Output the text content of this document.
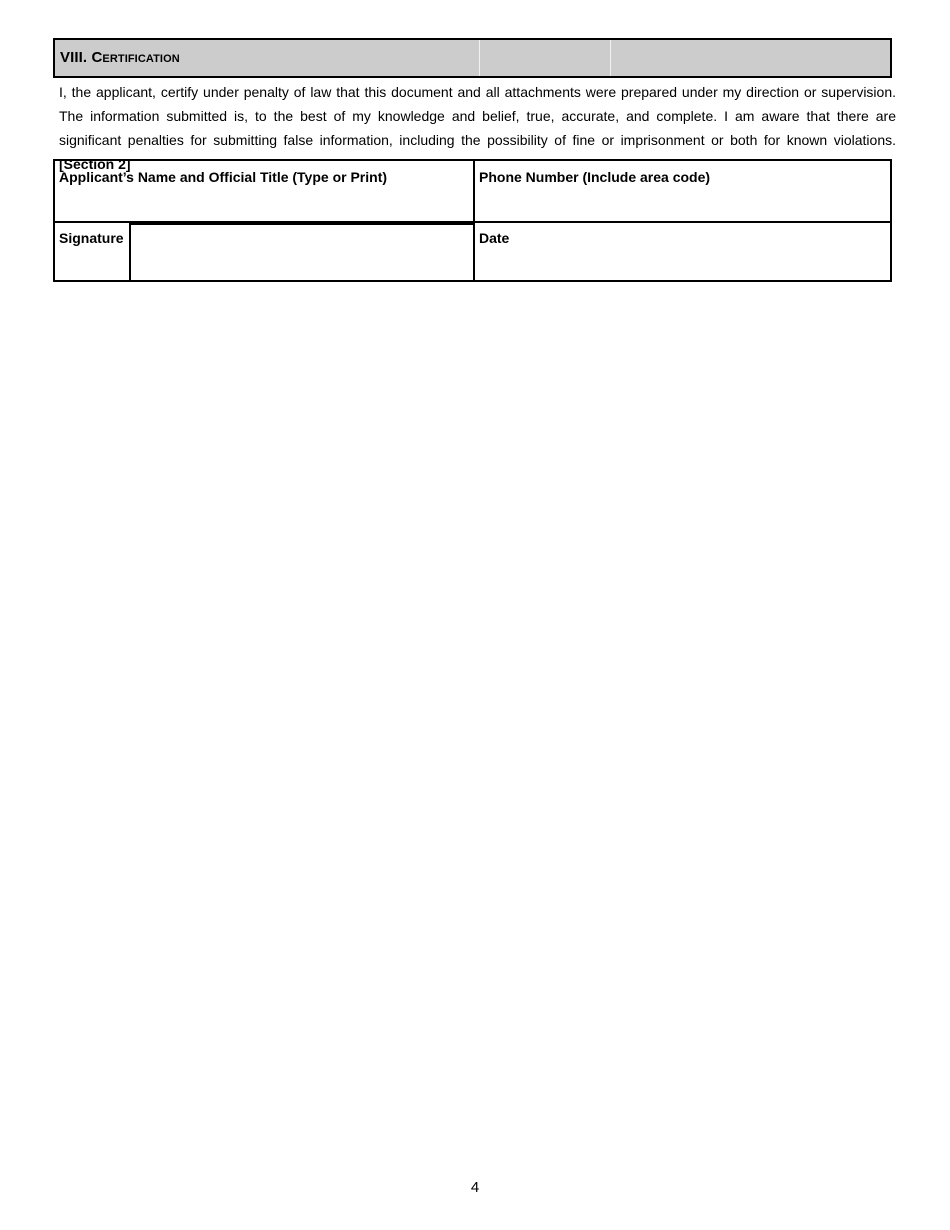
VIII. Certification
I, the applicant, certify under penalty of law that this document and all attachments were prepared under my direction or supervision. The information submitted is, to the best of my knowledge and belief, true, accurate, and complete. I am aware that there are significant penalties for submitting false information, including the possibility of fine or imprisonment or both for known violations. [Section 2]
Applicant’s Name and Official Title (Type or Print)	Phone Number (Include area code)
Signature	Date
4
